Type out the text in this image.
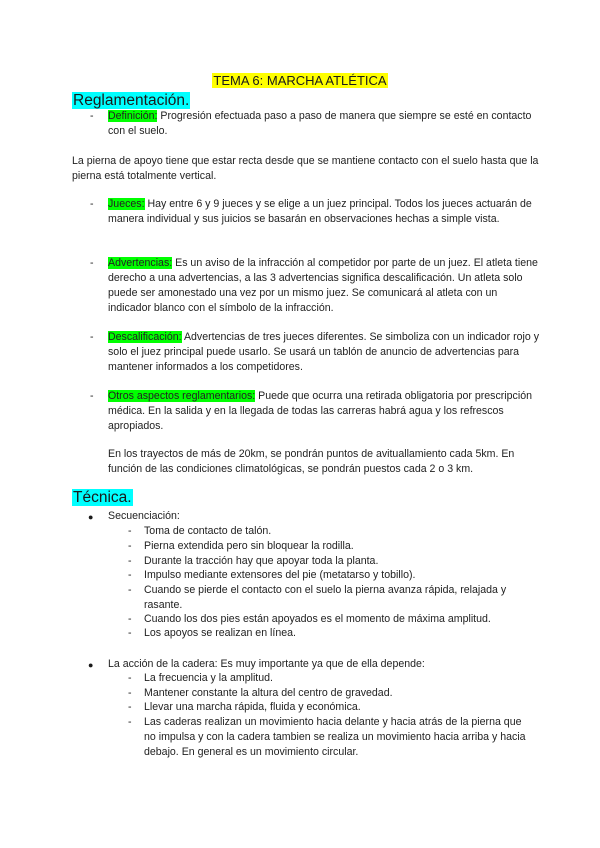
TEMA 6: MARCHA ATLÉTICA
Reglamentación.
- Definición: Progresión efectuada paso a paso de manera que siempre se esté en contacto con el suelo.
La pierna de apoyo tiene que estar recta desde que se mantiene contacto con el suelo hasta que la pierna está totalmente vertical.
- Jueces: Hay entre 6 y 9 jueces y se elige a un juez principal. Todos los jueces actuarán de manera individual y sus juicios se basarán en observaciones hechas a simple vista.
- Advertencias: Es un aviso de la infracción al competidor por parte de un juez. El atleta tiene derecho a una advertencias, a las 3 advertencias significa descalificación. Un atleta solo puede ser amonestado una vez por un mismo juez. Se comunicará al atleta con un indicador blanco con el símbolo de la infracción.
- Descalificación: Advertencias de tres jueces diferentes. Se simboliza con un indicador rojo y solo el juez principal puede usarlo. Se usará un tablón de anuncio de advertencias para mantener informados a los competidores.
- Otros aspectos reglamentarios: Puede que ocurra una retirada obligatoria por prescripción médica. En la salida y en la llegada de todas las carreras habrá agua y los refrescos apropiados.
En los trayectos de más de 20km, se pondrán puntos de avituallamiento cada 5km. En función de las condiciones climatológicas, se pondrán puestos cada 2 o 3 km.
Técnica.
● Secuenciación:
- Toma de contacto de talón.
- Pierna extendida pero sin bloquear la rodilla.
- Durante la tracción hay que apoyar toda la planta.
- Impulso mediante extensores del pie (metatarso y tobillo).
- Cuando se pierde el contacto con el suelo la pierna avanza rápida, relajada y rasante.
- Cuando los dos pies están apoyados es el momento de máxima amplitud.
- Los apoyos se realizan en línea.
● La acción de la cadera: Es muy importante ya que de ella depende:
- La frecuencia y la amplitud.
- Mantener constante la altura del centro de gravedad.
- Llevar una marcha rápida, fluida y económica.
- Las caderas realizan un movimiento hacia delante y hacia atrás de la pierna que no impulsa y con la cadera tambien se realiza un movimiento hacia arriba y hacia debajo. En general es un movimiento circular.
